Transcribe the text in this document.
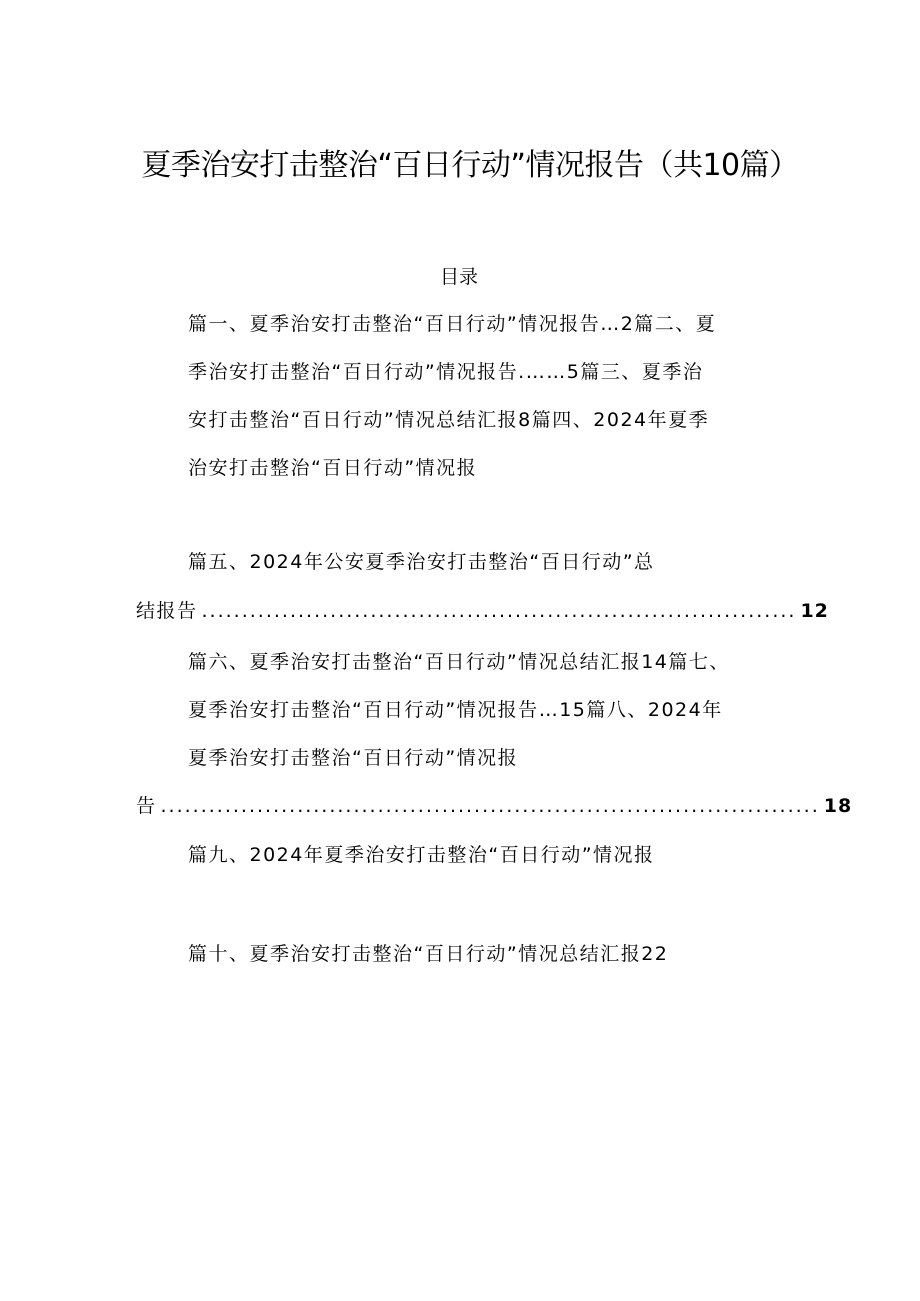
夏季治安打击整治“百日行动”情况报告（共10篇）
目录
篇一、夏季治安打击整治“百日行动”情况报告…2篇二、夏
季治安打击整治“百日行动”情况报告.……5篇三、夏季治
安打击整治“百日行动”情况总结汇报8篇四、2024年夏季
治安打击整治“百日行动”情况报
篇五、2024年公安夏季治安打击整治“百日行动”总
结报告 .......................................................................... 12
篇六、夏季治安打击整治“百日行动”情况总结汇报14篇七、
夏季治安打击整治“百日行动”情况报告…15篇八、2024年
夏季治安打击整治“百日行动”情况报
告 .................................................................................. 18
篇九、2024年夏季治安打击整治“百日行动”情况报
篇十、夏季治安打击整治“百日行动”情况总结汇报22
